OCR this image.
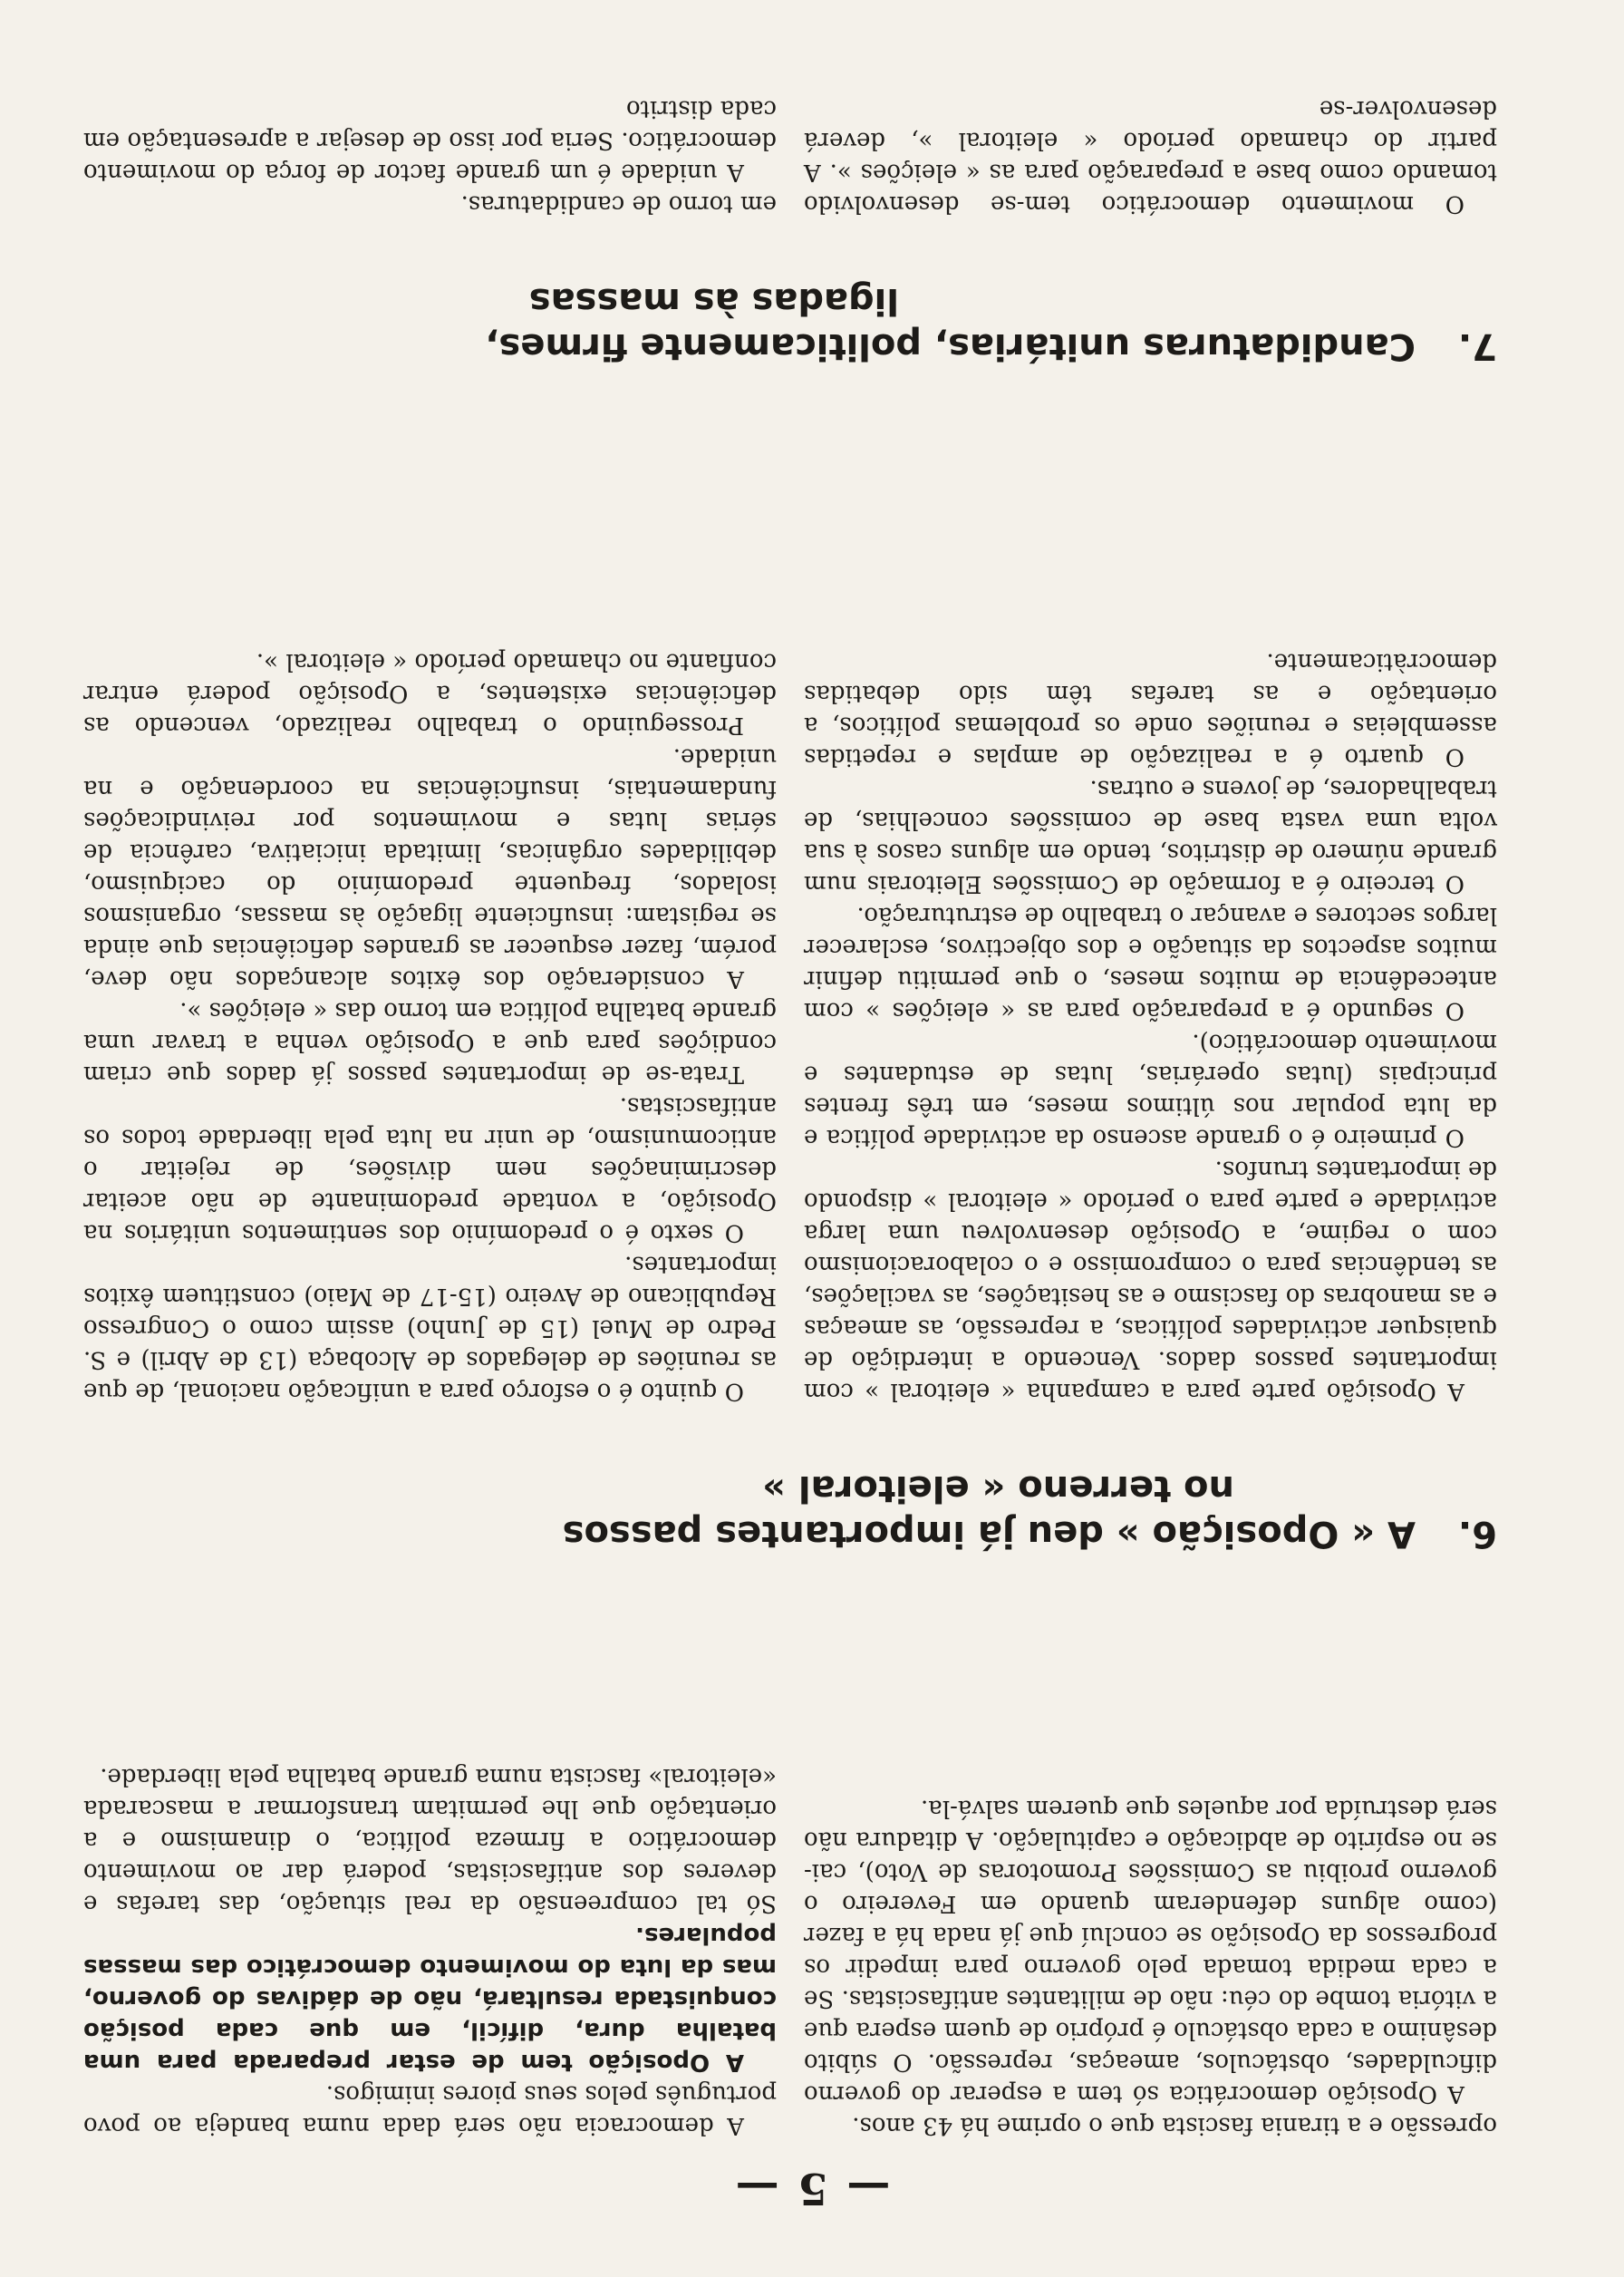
— 5 —

opressão e a tirania fascista que o oprime há 43 anos.

A Oposição democrática só tem a esperar do governo dificuldades, obstáculos, ameaças, repressão. O súbito desânimo a cada obstáculo é próprio de quem espera que a vitória tombe do céu: não de militantes antifascistas. Se a cada medida tomada pelo governo para impedir os progressos da Oposição se concluí que já nada há a fazer (como alguns defenderam quando em Fevereiro o governo proibiu as Comissões Promotoras de Voto), cai-se no espírito de abdicação e capitulação. A ditadura não será destruída por aqueles que querem salvá-la.

A democracia não será dada numa bandeja ao povo português pelos seus piores inimigos.

A Oposição tem de estar preparada para uma batalha dura, difícil, em que cada posição conquistada resultará, não de dádivas do governo, mas da luta do movimento democrático das massas populares.

Só tal compreensão da real situação, das tarefas e deveres dos antifascistas, poderá dar ao movimento democrático a firmeza política, o dinamismo e a orientação que lhe permitam transformar a mascarada «eleitoral» fascista numa grande batalha pela liberdade.

6.A « Oposição » deu já importantes passos
no terreno « eleitoral »

A Oposição parte para a campanha « eleitoral » com importantes passos dados. Vencendo a interdição de quaisquer actividades políticas, a repressão, as ameaças e as manobras do fascismo e as hesitações, as vacilações, as tendências para o compromisso e o colaboracionismo com o regime, a Oposição desenvolveu uma larga actividade e parte para o período « eleitoral » dispondo de importantes trunfos.

O primeiro é o grande ascenso da actividade política e da luta popular nos últimos meses, em três frentes principais (lutas operárias, lutas de estudantes e movimento democrático).

O segundo é a preparação para as « eleições » com antecedência de muitos meses, o que permitiu definir muitos aspectos da situação e dos objectivos, esclarecer largos sectores e avançar o trabalho de estruturação.

O terceiro é a formação de Comissões Eleitorais num grande número de distritos, tendo em alguns casos à sua volta uma vasta base de comissões concelhias, de trabalhadores, de jovens e outras.

O quarto é a realização de amplas e repetidas assembleias e reuniões onde os problemas políticos, a orientação e as tarefas têm sido debatidas democràticamente.

O quinto é o esforço para a unificação nacional, de que as reuniões de delegados de Alcobaça (13 de Abril) e S. Pedro de Muel (15 de Junho) assim como o Congresso Republicano de Aveiro (15-17 de Maio) constituem êxitos importantes.

O sexto é o predomínio dos sentimentos unitários na Oposição, a vontade predominante de não aceitar descriminações nem divisões, de rejeitar o anticomunismo, de unir na luta pela liberdade todos os antifascistas.

Trata-se de importantes passos já dados que criam condições para que a Oposição venha a travar uma grande batalha política em torno das « eleições ».

A consideração dos êxitos alcançados não deve, porém, fazer esquecer as grandes deficiências que ainda se registam: insuficiente ligação às massas, organismos isolados, frequente predomínio do caciquismo, debilidades orgânicas, limitada iniciativa, carência de sérias lutas e movimentos por reivindicações fundamentais, insuficiências na coordenação e na unidade.

Prosseguindo o trabalho realizado, vencendo as deficiências existentes, a Oposição poderá entrar confiante no chamado período « eleitoral ».

7.Candidaturas unitárias, politicamente firmes,
ligadas às massas

O movimento democrático tem-se desenvolvido tomando como base a preparação para as « eleições ». A partir do chamado período « eleitoral », deverá desenvolver-se

em torno de candidaturas.

A unidade é um grande factor de força do movimento democrático. Seria por isso de desejar a apresentação em cada distrito
